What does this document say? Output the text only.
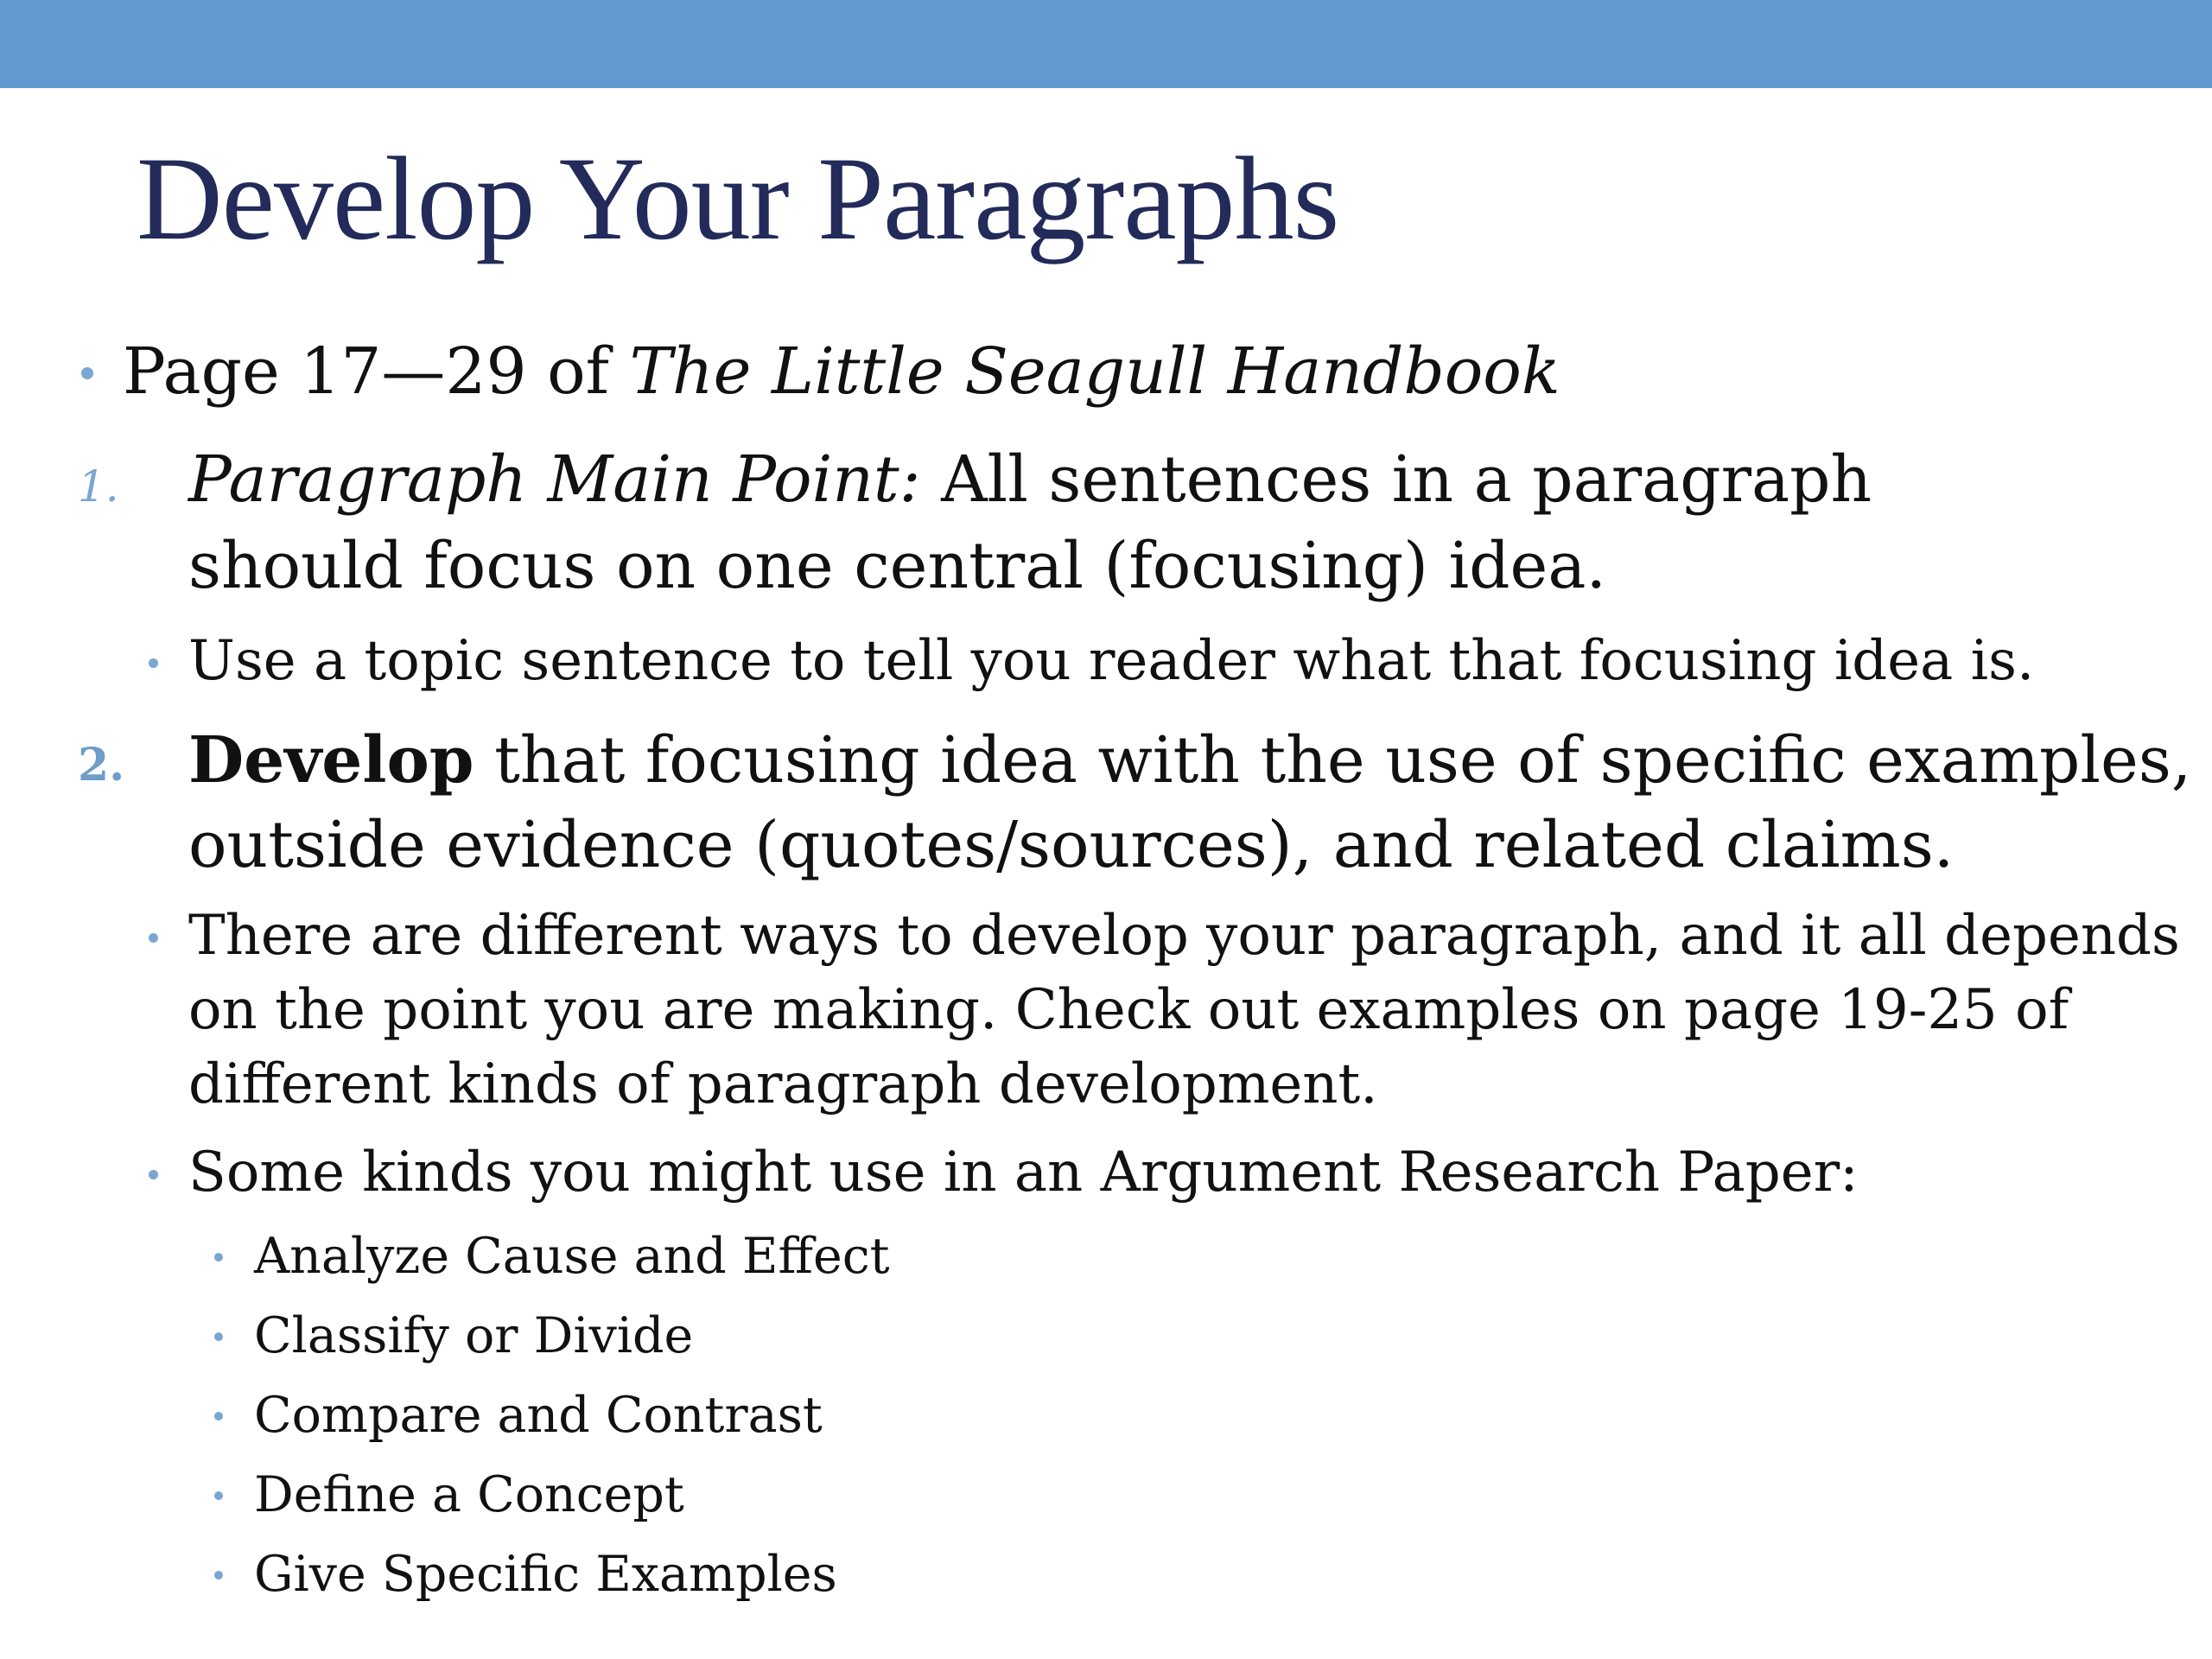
Develop Your Paragraphs
Page 17—29 of The Little Seagull Handbook
1. Paragraph Main Point: All sentences in a paragraph
should focus on one central (focusing) idea.
Use a topic sentence to tell you reader what that focusing idea is.
2. Develop that focusing idea with the use of specific examples,
outside evidence (quotes/sources), and related claims.
There are different ways to develop your paragraph, and it all depends
on the point you are making. Check out examples on page 19-25 of
different kinds of paragraph development.
Some kinds you might use in an Argument Research Paper:
Analyze Cause and Effect
Classify or Divide
Compare and Contrast
Define a Concept
Give Specific Examples
